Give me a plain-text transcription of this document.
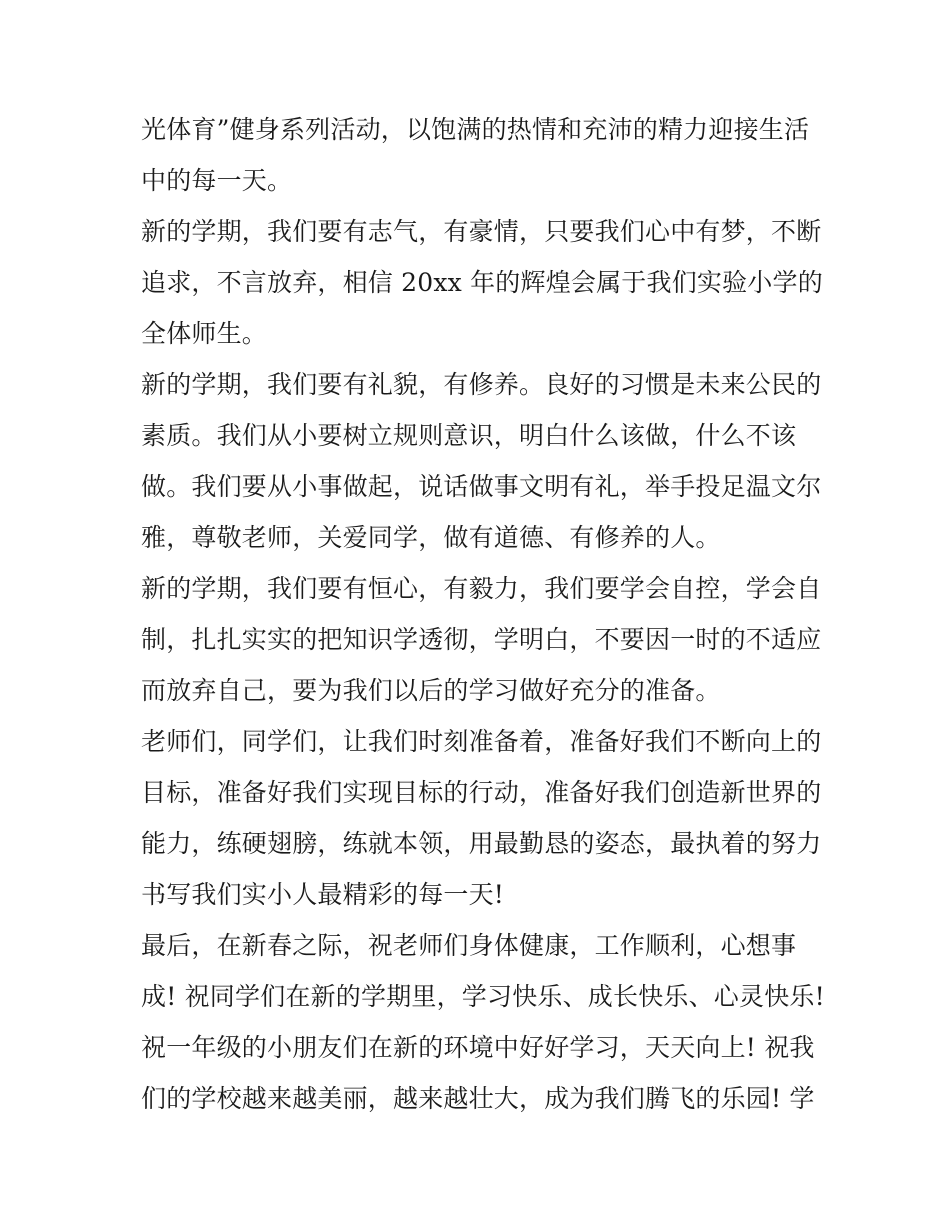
光体育”健身系列活动，以饱满的热情和充沛的精力迎接生活
中的每一天。
新的学期，我们要有志气，有豪情，只要我们心中有梦，不断
追求，不言放弃，相信 20xx 年的辉煌会属于我们实验小学的
全体师生。
新的学期，我们要有礼貌，有修养。良好的习惯是未来公民的
素质。我们从小要树立规则意识，明白什么该做，什么不该
做。我们要从小事做起，说话做事文明有礼，举手投足温文尔
雅，尊敬老师，关爱同学，做有道德、有修养的人。
新的学期，我们要有恒心，有毅力，我们要学会自控，学会自
制，扎扎实实的把知识学透彻，学明白，不要因一时的不适应
而放弃自己，要为我们以后的学习做好充分的准备。
老师们，同学们，让我们时刻准备着，准备好我们不断向上的
目标，准备好我们实现目标的行动，准备好我们创造新世界的
能力，练硬翅膀，练就本领，用最勤恳的姿态，最执着的努力
书写我们实小人最精彩的每一天!
最后，在新春之际，祝老师们身体健康，工作顺利，心想事
成! 祝同学们在新的学期里，学习快乐、成长快乐、心灵快乐!
祝一年级的小朋友们在新的环境中好好学习，天天向上! 祝我
们的学校越来越美丽，越来越壮大，成为我们腾飞的乐园! 学
